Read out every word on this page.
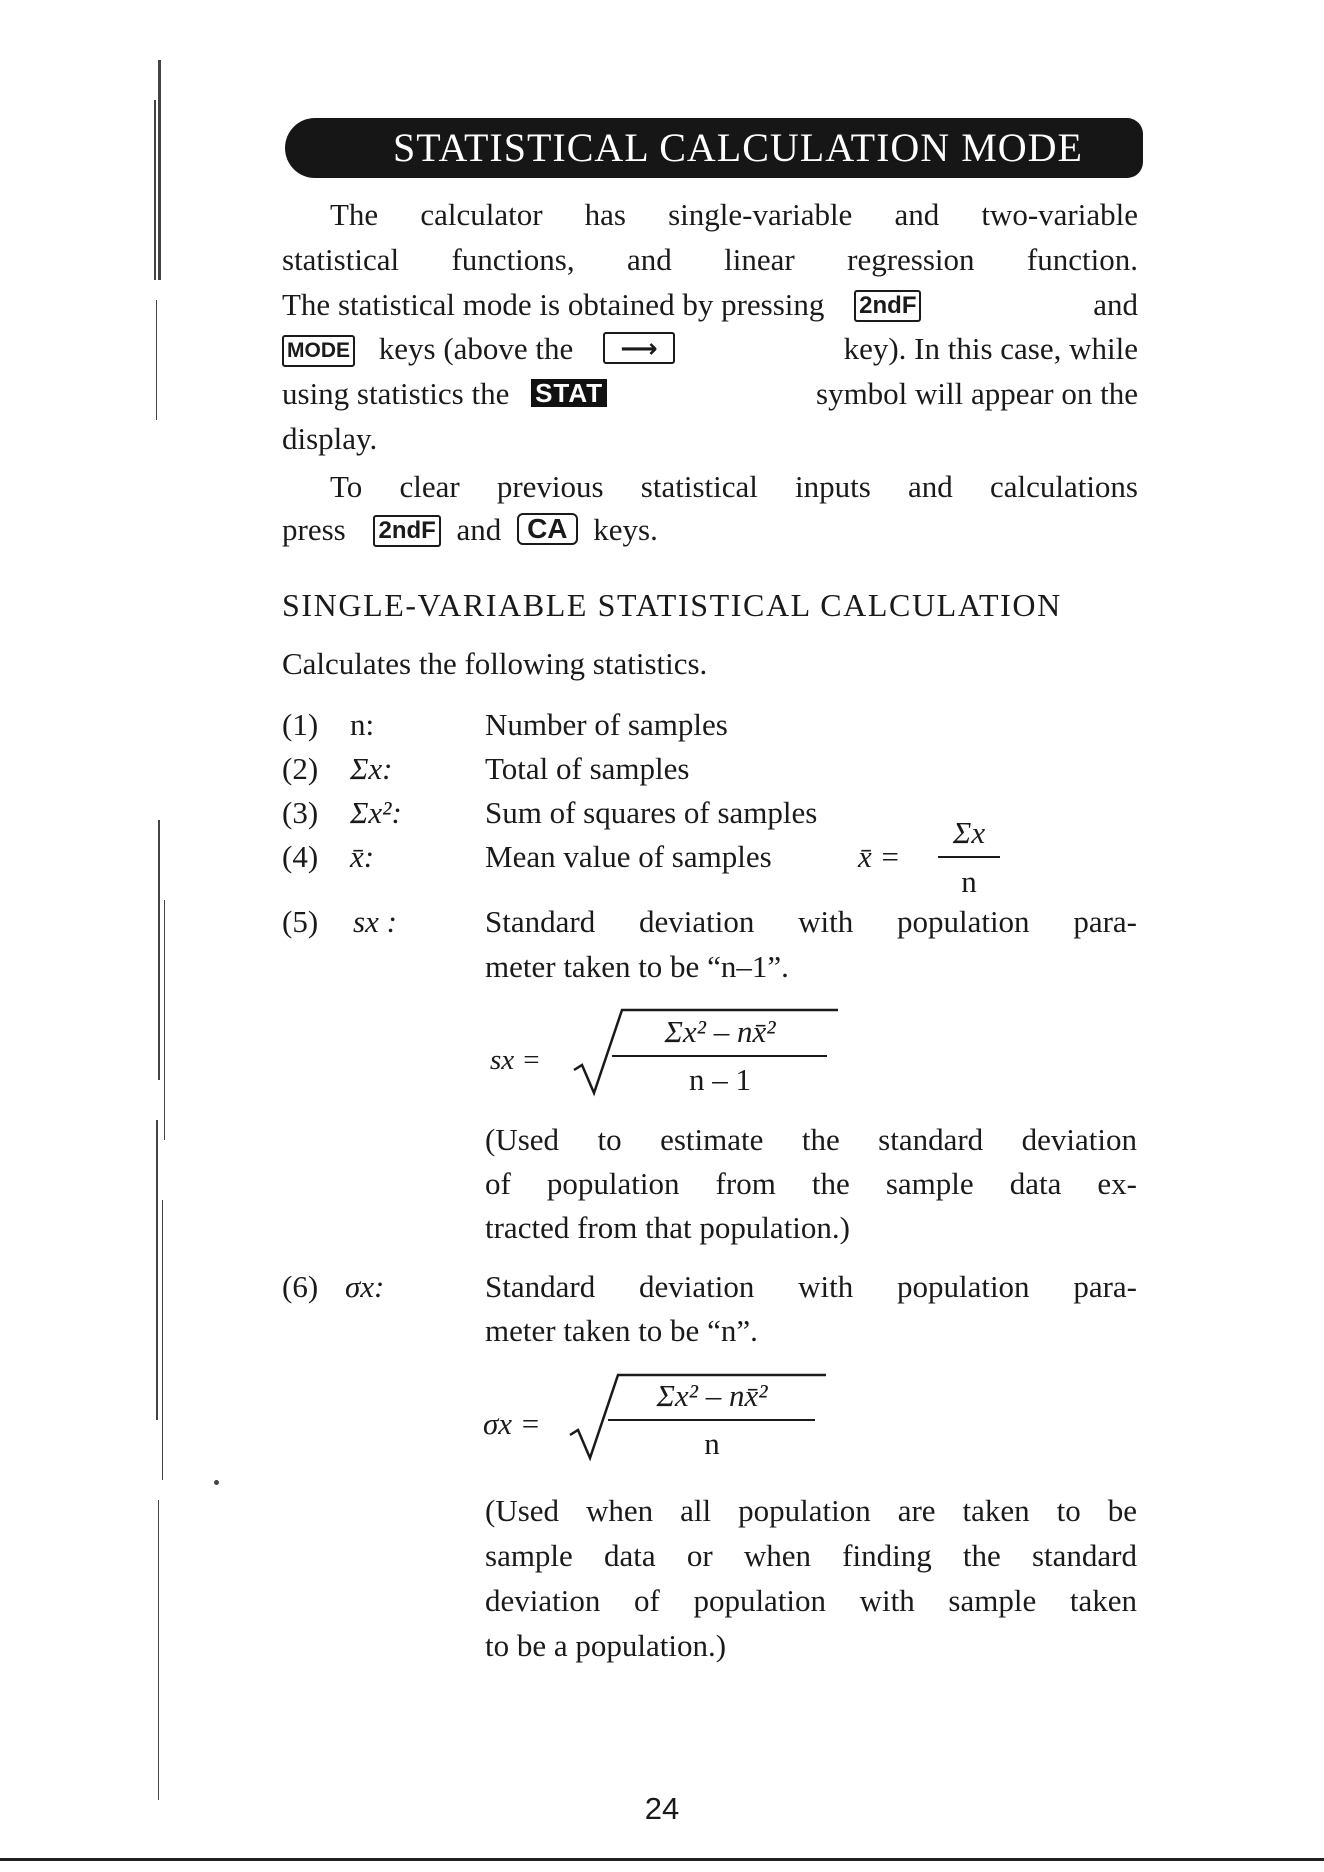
STATISTICAL CALCULATION MODE
The calculator has single-variable and two-variable
statistical functions, and linear regression function.
The statistical mode is obtained by pressing 2ndF	and
MODE keys (above the ⟶	key). In this case, while
using statistics the STAT	symbol will appear on the
display.
To clear previous statistical inputs and calculations
press 2ndF and CA keys.
SINGLE-VARIABLE STATISTICAL CALCULATION
Calculates the following statistics.
(1) n:	Number of samples
(2) Σx:	Total of samples
(3) Σx²:	Sum of squares of samples
(4) x̄:	Mean value of samples	x̄ =
Σx
n
(5) sx :	Standard deviation with population para-
meter taken to be “n–1”.
sx =
Σx² – nx̄²
n – 1
(Used to estimate the standard deviation
of population from the sample data ex-
tracted from that population.)
(6) σx:	Standard deviation with population para-
meter taken to be “n”.
σx =
Σx² – nx̄²
n
(Used when all population are taken to be
sample data or when finding the standard
deviation of population with sample taken
to be a population.)
24
